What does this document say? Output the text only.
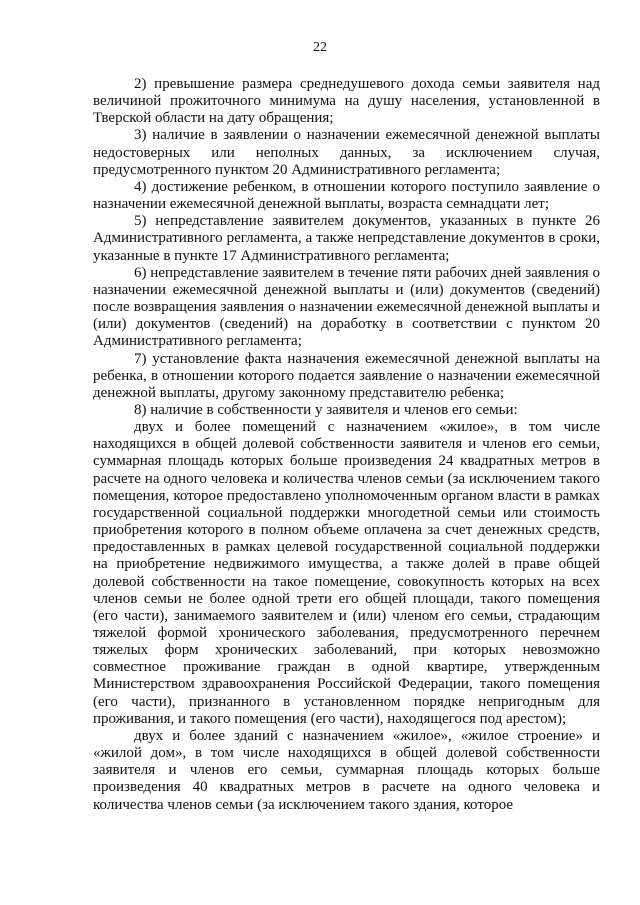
22

2) превышение размера среднедушевого дохода семьи заявителя над величиной прожиточного минимума на душу населения, установленной в Тверской области на дату обращения;

3) наличие в заявлении о назначении ежемесячной денежной выплаты недостоверных или неполных данных, за исключением случая, предусмотренного пунктом 20 Административного регламента;

4) достижение ребенком, в отношении которого поступило заявление о назначении ежемесячной денежной выплаты, возраста семнадцати лет;

5) непредставление заявителем документов, указанных в пункте 26 Административного регламента, а также непредставление документов в сроки, указанные в пункте 17 Административного регламента;

6) непредставление заявителем в течение пяти рабочих дней заявления о назначении ежемесячной денежной выплаты и (или) документов (сведений) после возвращения заявления о назначении ежемесячной денежной выплаты и (или) документов (сведений) на доработку в соответствии с пунктом 20 Административного регламента;

7) установление факта назначения ежемесячной денежной выплаты на ребенка, в отношении которого подается заявление о назначении ежемесячной денежной выплаты, другому законному представителю ребенка;

8) наличие в собственности у заявителя и членов его семьи:

двух и более помещений с назначением «жилое», в том числе находящихся в общей долевой собственности заявителя и членов его семьи, суммарная площадь которых больше произведения 24 квадратных метров в расчете на одного человека и количества членов семьи (за исключением такого помещения, которое предоставлено уполномоченным органом власти в рамках государственной социальной поддержки многодетной семьи или стоимость приобретения которого в полном объеме оплачена за счет денежных средств, предоставленных в рамках целевой государственной социальной поддержки на приобретение недвижимого имущества, а также долей в праве общей долевой собственности на такое помещение, совокупность которых на всех членов семьи не более одной трети его общей площади, такого помещения (его части), занимаемого заявителем и (или) членом его семьи, страдающим тяжелой формой хронического заболевания, предусмотренного перечнем тяжелых форм хронических заболеваний, при которых невозможно совместное проживание граждан в одной квартире, утвержденным Министерством здравоохранения Российской Федерации, такого помещения (его части), признанного в установленном порядке непригодным для проживания, и такого помещения (его части), находящегося под арестом);

двух и более зданий с назначением «жилое», «жилое строение» и «жилой дом», в том числе находящихся в общей долевой собственности заявителя и членов его семьи, суммарная площадь которых больше произведения 40 квадратных метров в расчете на одного человека и количества членов семьи (за исключением такого здания, которое
